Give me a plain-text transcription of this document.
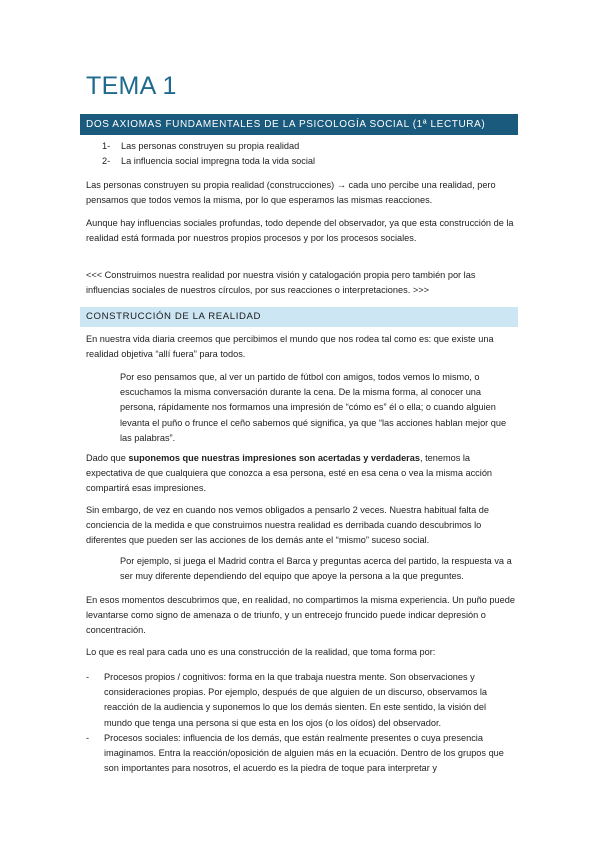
TEMA 1
DOS AXIOMAS FUNDAMENTALES DE LA PSICOLOGÍA SOCIAL (1ª LECTURA)
1- Las personas construyen su propia realidad
2- La influencia social impregna toda la vida social

Las personas construyen su propia realidad (construcciones) → cada uno percibe una realidad, pero pensamos que todos vemos la misma, por lo que esperamos las mismas reacciones.

Aunque hay influencias sociales profundas, todo depende del observador, ya que esta construcción de la realidad está formada por nuestros propios procesos y por los procesos sociales.

<<< Construimos nuestra realidad por nuestra visión y catalogación propia pero también por las influencias sociales de nuestros círculos, por sus reacciones o interpretaciones. >>>

CONSTRUCCIÓN DE LA REALIDAD

En nuestra vida diaria creemos que percibimos el mundo que nos rodea tal como es: que existe una realidad objetiva “allí fuera” para todos.

Por eso pensamos que, al ver un partido de fútbol con amigos, todos vemos lo mismo, o escuchamos la misma conversación durante la cena. De la misma forma, al conocer una persona, rápidamente nos formamos una impresión de “cómo es” él o ella; o cuando alguien levanta el puño o frunce el ceño sabemos qué significa, ya que “las acciones hablan mejor que las palabras”.

Dado que suponemos que nuestras impresiones son acertadas y verdaderas, tenemos la expectativa de que cualquiera que conozca a esa persona, esté en esa cena o vea la misma acción compartirá esas impresiones.

Sin embargo, de vez en cuando nos vemos obligados a pensarlo 2 veces. Nuestra habitual falta de conciencia de la medida e que construimos nuestra realidad es derribada cuando descubrimos lo diferentes que pueden ser las acciones de los demás ante el “mismo” suceso social.

Por ejemplo, si juega el Madrid contra el Barca y preguntas acerca del partido, la respuesta va a ser muy diferente dependiendo del equipo que apoye la persona a la que preguntes.

En esos momentos descubrimos que, en realidad, no compartimos la misma experiencia. Un puño puede levantarse como signo de amenaza o de triunfo, y un entrecejo fruncido puede indicar depresión o concentración.

Lo que es real para cada uno es una construcción de la realidad, que toma forma por:

- Procesos propios / cognitivos: forma en la que trabaja nuestra mente. Son observaciones y consideraciones propias. Por ejemplo, después de que alguien de un discurso, observamos la reacción de la audiencia y suponemos lo que los demás sienten. En este sentido, la visión del mundo que tenga una persona si que esta en los ojos (o los oídos) del observador.

- Procesos sociales: influencia de los demás, que están realmente presentes o cuya presencia imaginamos. Entra la reacción/oposición de alguien más en la ecuación. Dentro de los grupos que son importantes para nosotros, el acuerdo es la piedra de toque para interpretar y
